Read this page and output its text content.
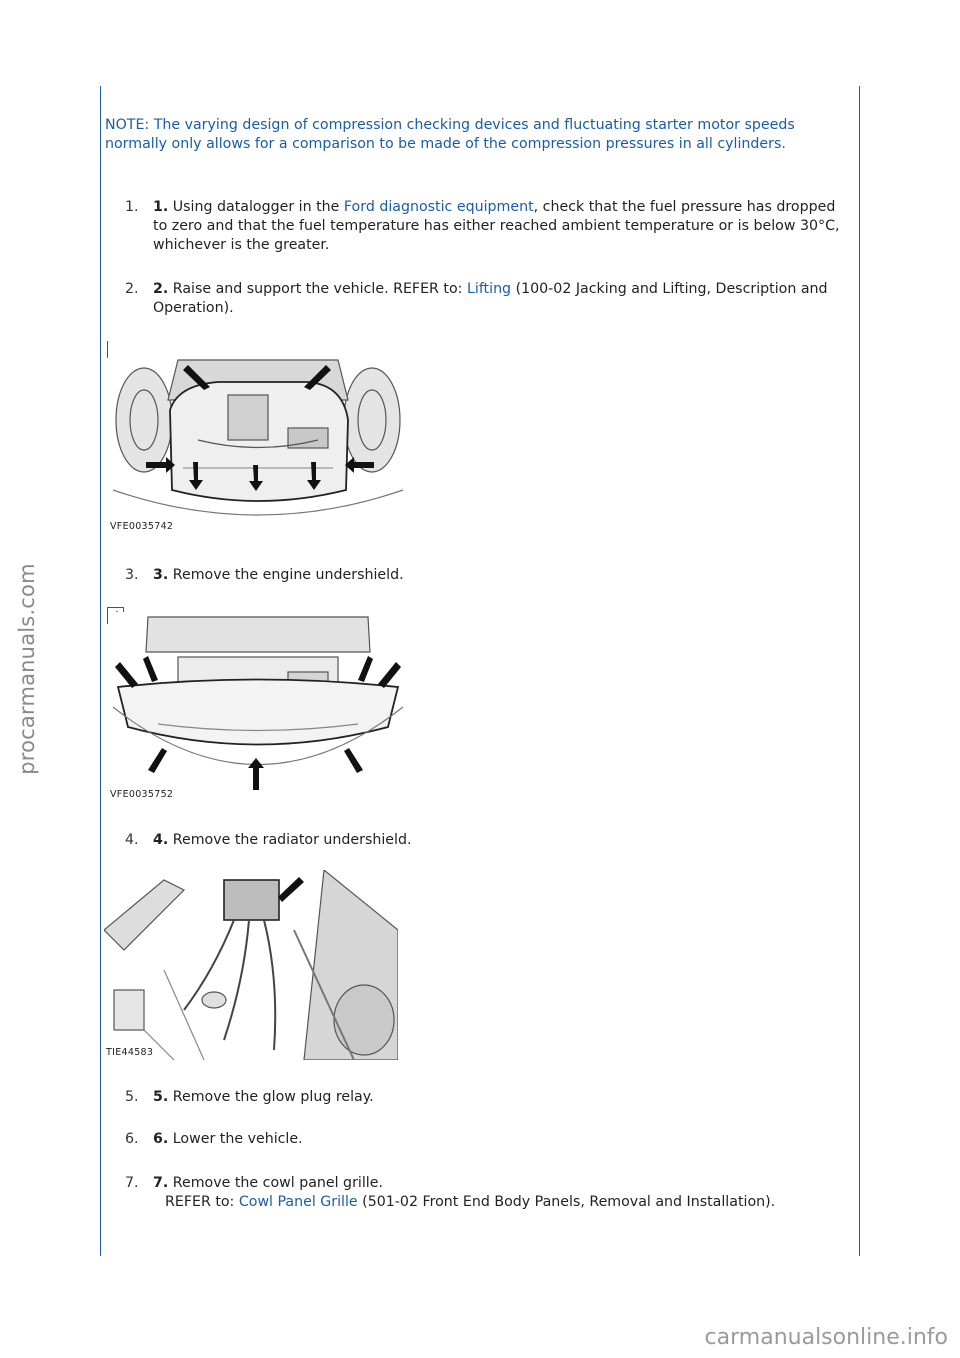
procarmanuals.com
carmanualsonline.info
NOTE: The varying design of compression checking devices and fluctuating starter motor speeds normally only allows for a comparison to be made of the compression pressures in all cylinders.
1.	1. Using datalogger in the Ford diagnostic equipment, check that the fuel pressure has dropped to zero and that the fuel temperature has either reached ambient temperature or is below 30°C, whichever is the greater.
2.	2. Raise and support the vehicle. REFER to: Lifting (100-02 Jacking and Lifting, Description and Operation).
VFE0035742
3.	3. Remove the engine undershield.
VFE0035752
4.	4. Remove the radiator undershield.
TIE44583
5.	5. Remove the glow plug relay.
6.	6. Lower the vehicle.
7.	7. Remove the cowl panel grille.
REFER to: Cowl Panel Grille (501-02 Front End Body Panels, Removal and Installation).
